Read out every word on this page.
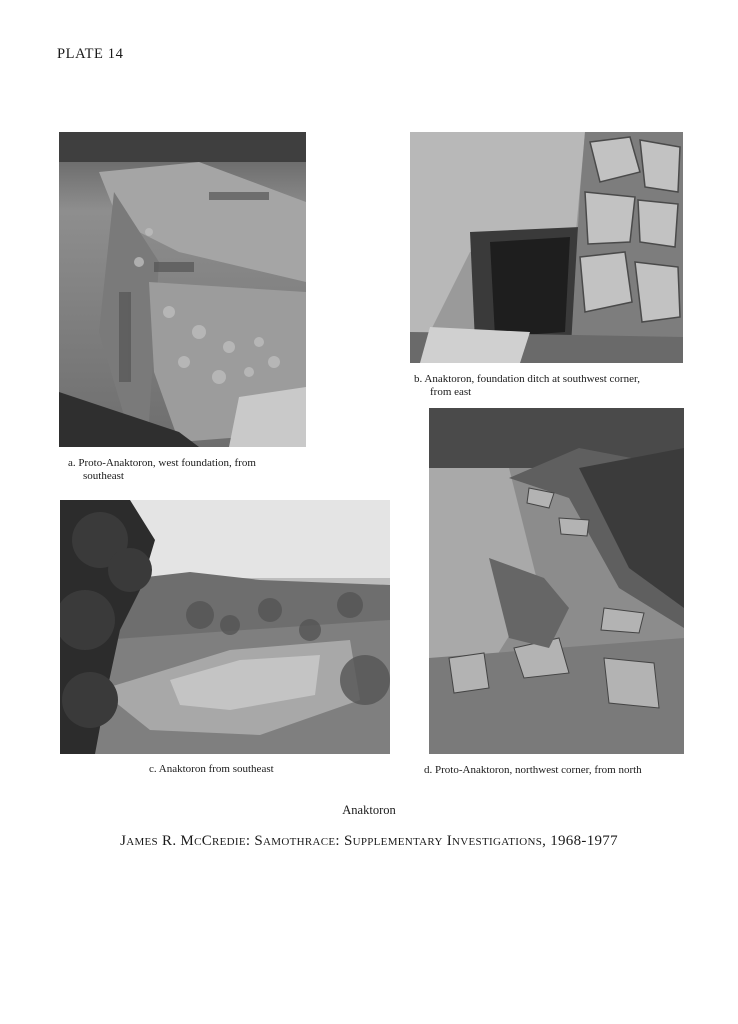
PLATE 14
a. Proto-Anaktoron, west foundation, from
southeast
b. Anaktoron, foundation ditch at southwest corner,
from east
c. Anaktoron from southeast	d. Proto-Anaktoron, northwest corner, from north
Anaktoron
James R. McCredie: Samothrace: Supplementary Investigations, 1968-1977
